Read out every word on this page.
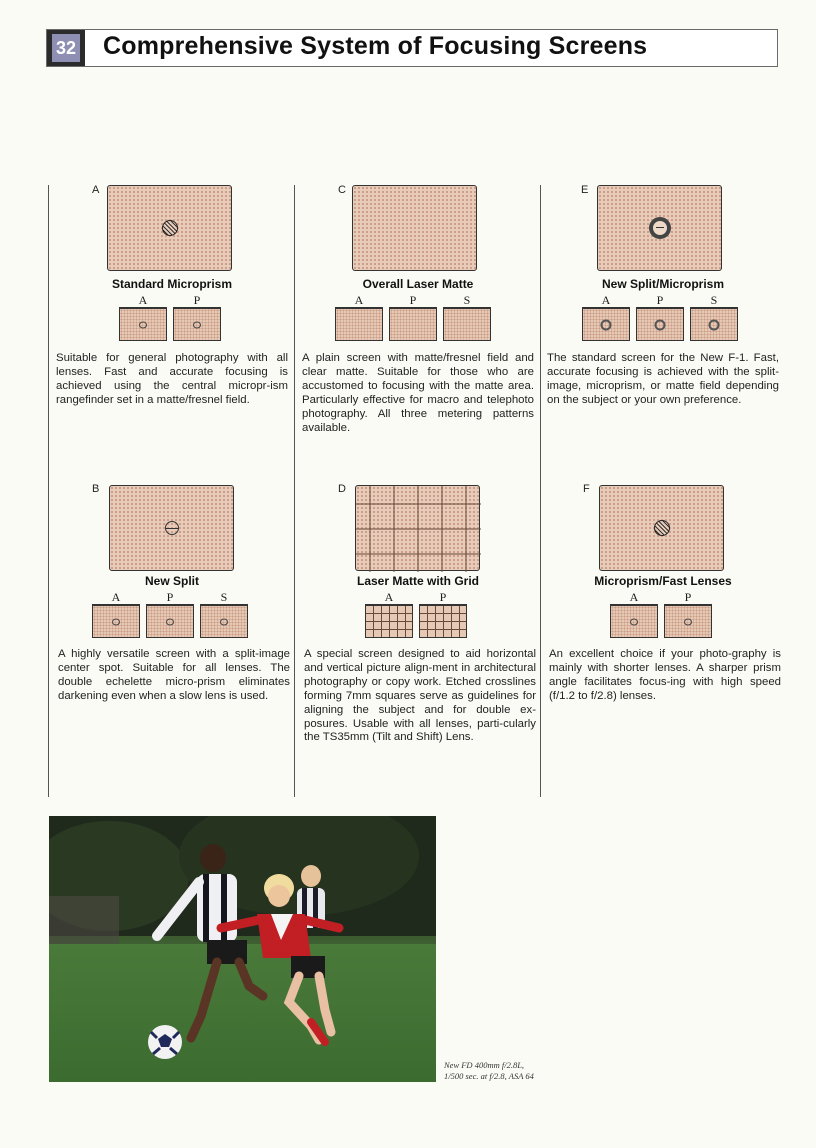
32 Comprehensive System of Focusing Screens
A
Standard Microprism
A	P
Suitable for general photography with all lenses. Fast and accurate focusing is achieved using the central micropr-ism rangefinder set in a matte/fresnel field.
C
Overall Laser Matte
A	P	S
A plain screen with matte/fresnel field and clear matte. Suitable for those who are accustomed to focusing with the matte area. Particularly effective for macro and telephoto photography. All three metering patterns available.
E
New Split/Microprism
A	P	S
The standard screen for the New F-1. Fast, accurate focusing is achieved with the split-image, microprism, or matte field depending on the subject or your own preference.
B
New Split
A	P	S
A highly versatile screen with a split-image center spot. Suitable for all lenses. The double echelette micro-prism eliminates darkening even when a slow lens is used.
D
Laser Matte with Grid
A	P
A special screen designed to aid horizontal and vertical picture align-ment in architectural photography or copy work. Etched crosslines forming 7mm squares serve as guidelines for aligning the subject and for double ex-posures. Usable with all lenses, parti-cularly the TS35mm (Tilt and Shift) Lens.
F
Microprism/Fast Lenses
A	P
An excellent choice if your photo-graphy is mainly with shorter lenses. A sharper prism angle facilitates focus-ing with high speed (f/1.2 to f/2.8) lenses.
New FD 400mm f/2.8L,
1/500 sec. at f/2.8, ASA 64
